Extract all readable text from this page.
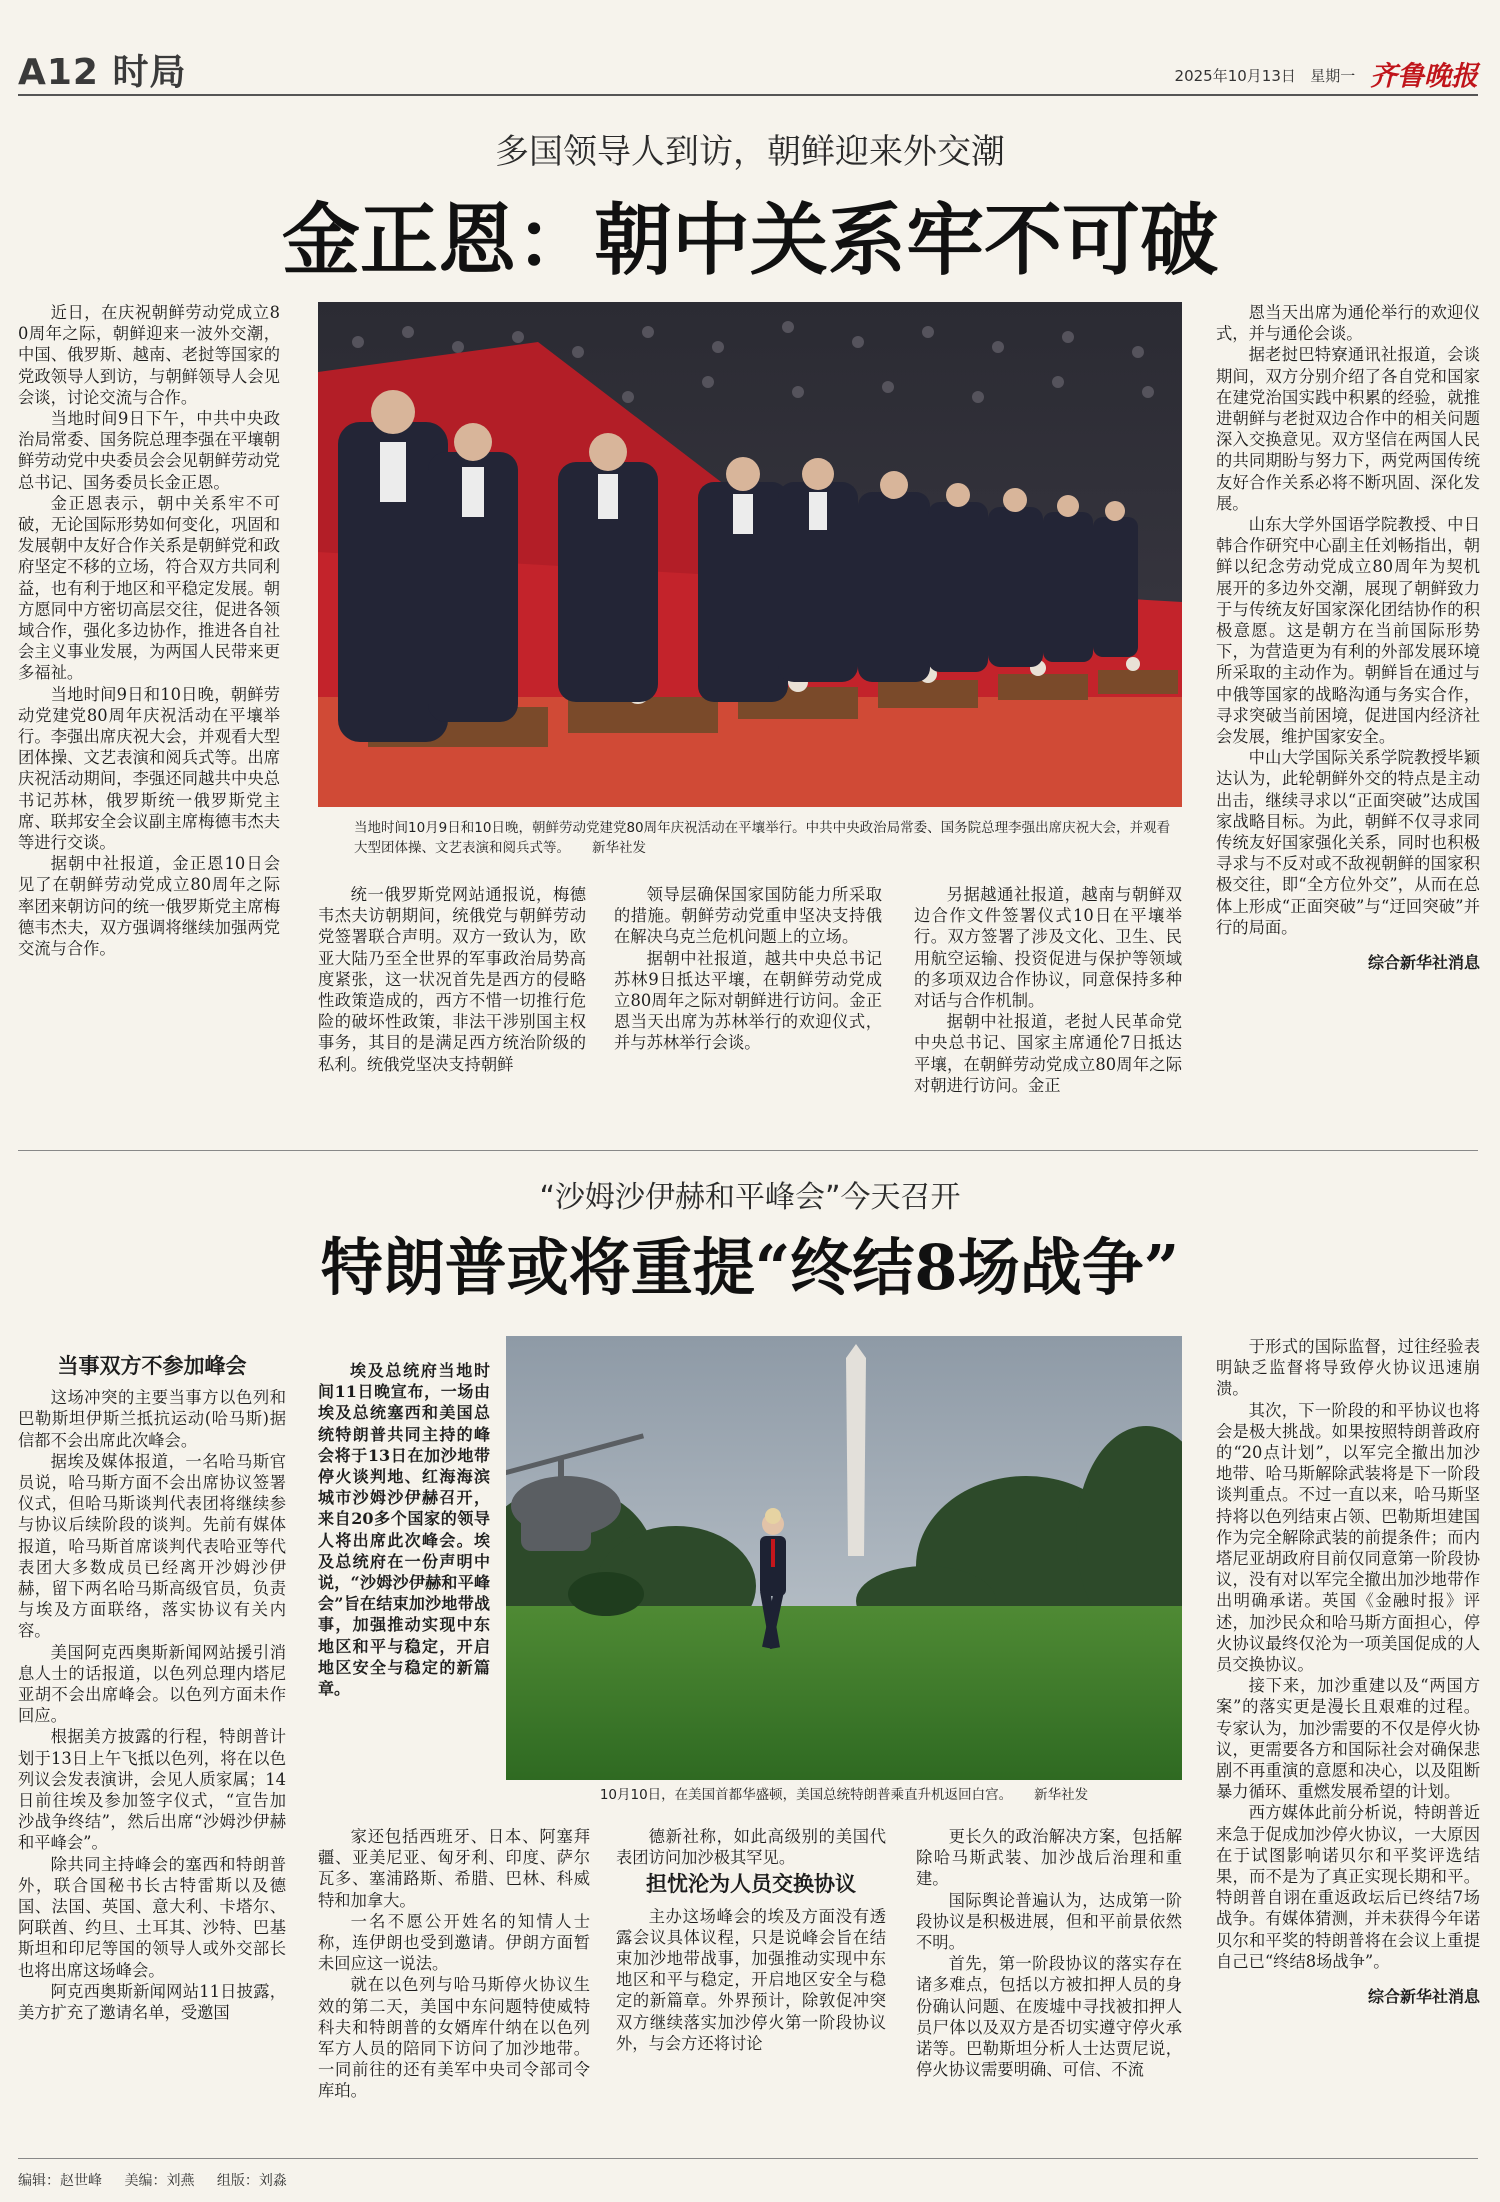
A12 时局	2025年10月13日 星期一 齐鲁晚报
多国领导人到访，朝鲜迎来外交潮
金正恩：朝中关系牢不可破

近日，在庆祝朝鲜劳动党成立80周年之际，朝鲜迎来一波外交潮，中国、俄罗斯、越南、老挝等国家的党政领导人到访，与朝鲜领导人会见会谈，讨论交流与合作。

当地时间9日下午，中共中央政治局常委、国务院总理李强在平壤朝鲜劳动党中央委员会会见朝鲜劳动党总书记、国务委员长金正恩。

金正恩表示，朝中关系牢不可破，无论国际形势如何变化，巩固和发展朝中友好合作关系是朝鲜党和政府坚定不移的立场，符合双方共同利益，也有利于地区和平稳定发展。朝方愿同中方密切高层交往，促进各领域合作，强化多边协作，推进各自社会主义事业发展，为两国人民带来更多福祉。

当地时间9日和10日晚，朝鲜劳动党建党80周年庆祝活动在平壤举行。李强出席庆祝大会，并观看大型团体操、文艺表演和阅兵式等。出席庆祝活动期间，李强还同越共中央总书记苏林，俄罗斯统一俄罗斯党主席、联邦安全会议副主席梅德韦杰夫等进行交谈。

据朝中社报道，金正恩10日会见了在朝鲜劳动党成立80周年之际率团来朝访问的统一俄罗斯党主席梅德韦杰夫，双方强调将继续加强两党交流与合作。

当地时间10月9日和10日晚，朝鲜劳动党建党80周年庆祝活动在平壤举行。中共中央政治局常委、国务院总理李强出席庆祝大会，并观看大型团体操、文艺表演和阅兵式等。 新华社发

统一俄罗斯党网站通报说，梅德韦杰夫访朝期间，统俄党与朝鲜劳动党签署联合声明。双方一致认为，欧亚大陆乃至全世界的军事政治局势高度紧张，这一状况首先是西方的侵略性政策造成的，西方不惜一切推行危险的破坏性政策，非法干涉别国主权事务，其目的是满足西方统治阶级的私利。统俄党坚决支持朝鲜

领导层确保国家国防能力所采取的措施。朝鲜劳动党重申坚决支持俄在解决乌克兰危机问题上的立场。

据朝中社报道，越共中央总书记苏林9日抵达平壤，在朝鲜劳动党成立80周年之际对朝鲜进行访问。金正恩当天出席为苏林举行的欢迎仪式，并与苏林举行会谈。

另据越通社报道，越南与朝鲜双边合作文件签署仪式10日在平壤举行。双方签署了涉及文化、卫生、民用航空运输、投资促进与保护等领域的多项双边合作协议，同意保持多种对话与合作机制。

据朝中社报道，老挝人民革命党中央总书记、国家主席通伦7日抵达平壤，在朝鲜劳动党成立80周年之际对朝进行访问。金正

恩当天出席为通伦举行的欢迎仪式，并与通伦会谈。

据老挝巴特寮通讯社报道，会谈期间，双方分别介绍了各自党和国家在建党治国实践中积累的经验，就推进朝鲜与老挝双边合作中的相关问题深入交换意见。双方坚信在两国人民的共同期盼与努力下，两党两国传统友好合作关系必将不断巩固、深化发展。

山东大学外国语学院教授、中日韩合作研究中心副主任刘畅指出，朝鲜以纪念劳动党成立80周年为契机展开的多边外交潮，展现了朝鲜致力于与传统友好国家深化团结协作的积极意愿。这是朝方在当前国际形势下，为营造更为有利的外部发展环境所采取的主动作为。朝鲜旨在通过与中俄等国家的战略沟通与务实合作，寻求突破当前困境，促进国内经济社会发展，维护国家安全。

中山大学国际关系学院教授毕颖达认为，此轮朝鲜外交的特点是主动出击，继续寻求以“正面突破”达成国家战略目标。为此，朝鲜不仅寻求同传统友好国家强化关系，同时也积极寻求与不反对或不敌视朝鲜的国家积极交往，即“全方位外交”，从而在总体上形成“正面突破”与“迂回突破”并行的局面。

综合新华社消息

“沙姆沙伊赫和平峰会”今天召开
特朗普或将重提“终结8场战争”

当事双方不参加峰会

这场冲突的主要当事方以色列和巴勒斯坦伊斯兰抵抗运动(哈马斯)据信都不会出席此次峰会。

据埃及媒体报道，一名哈马斯官员说，哈马斯方面不会出席协议签署仪式，但哈马斯谈判代表团将继续参与协议后续阶段的谈判。先前有媒体报道，哈马斯首席谈判代表哈亚等代表团大多数成员已经离开沙姆沙伊赫，留下两名哈马斯高级官员，负责与埃及方面联络，落实协议有关内容。

美国阿克西奥斯新闻网站援引消息人士的话报道，以色列总理内塔尼亚胡不会出席峰会。以色列方面未作回应。

根据美方披露的行程，特朗普计划于13日上午飞抵以色列，将在以色列议会发表演讲，会见人质家属；14日前往埃及参加签字仪式，“宣告加沙战争终结”，然后出席“沙姆沙伊赫和平峰会”。

除共同主持峰会的塞西和特朗普外，联合国秘书长古特雷斯以及德国、法国、英国、意大利、卡塔尔、阿联酋、约旦、土耳其、沙特、巴基斯坦和印尼等国的领导人或外交部长也将出席这场峰会。

阿克西奥斯新闻网站11日披露，美方扩充了邀请名单，受邀国

埃及总统府当地时间11日晚宣布，一场由埃及总统塞西和美国总统特朗普共同主持的峰会将于13日在加沙地带停火谈判地、红海海滨城市沙姆沙伊赫召开，来自20多个国家的领导人将出席此次峰会。埃及总统府在一份声明中说，“沙姆沙伊赫和平峰会”旨在结束加沙地带战事，加强推动实现中东地区和平与稳定，开启地区安全与稳定的新篇章。

10月10日，在美国首都华盛顿，美国总统特朗普乘直升机返回白宫。 新华社发

家还包括西班牙、日本、阿塞拜疆、亚美尼亚、匈牙利、印度、萨尔瓦多、塞浦路斯、希腊、巴林、科威特和加拿大。

一名不愿公开姓名的知情人士称，连伊朗也受到邀请。伊朗方面暂未回应这一说法。

就在以色列与哈马斯停火协议生效的第二天，美国中东问题特使威特科夫和特朗普的女婿库什纳在以色列军方人员的陪同下访问了加沙地带。一同前往的还有美军中央司令部司令库珀。

德新社称，如此高级别的美国代表团访问加沙极其罕见。

担忧沦为人员交换协议

主办这场峰会的埃及方面没有透露会议具体议程，只是说峰会旨在结束加沙地带战事，加强推动实现中东地区和平与稳定，开启地区安全与稳定的新篇章。外界预计，除敦促冲突双方继续落实加沙停火第一阶段协议外，与会方还将讨论

更长久的政治解决方案，包括解除哈马斯武装、加沙战后治理和重建。

国际舆论普遍认为，达成第一阶段协议是积极进展，但和平前景依然不明。

首先，第一阶段协议的落实存在诸多难点，包括以方被扣押人员的身份确认问题、在废墟中寻找被扣押人员尸体以及双方是否切实遵守停火承诺等。巴勒斯坦分析人士达贾尼说，停火协议需要明确、可信、不流

于形式的国际监督，过往经验表明缺乏监督将导致停火协议迅速崩溃。

其次，下一阶段的和平协议也将会是极大挑战。如果按照特朗普政府的“20点计划”，以军完全撤出加沙地带、哈马斯解除武装将是下一阶段谈判重点。不过一直以来，哈马斯坚持将以色列结束占领、巴勒斯坦建国作为完全解除武装的前提条件；而内塔尼亚胡政府目前仅同意第一阶段协议，没有对以军完全撤出加沙地带作出明确承诺。英国《金融时报》评述，加沙民众和哈马斯方面担心，停火协议最终仅沦为一项美国促成的人员交换协议。

接下来，加沙重建以及“两国方案”的落实更是漫长且艰难的过程。专家认为，加沙需要的不仅是停火协议，更需要各方和国际社会对确保悲剧不再重演的意愿和决心，以及阻断暴力循环、重燃发展希望的计划。

西方媒体此前分析说，特朗普近来急于促成加沙停火协议，一大原因在于试图影响诺贝尔和平奖评选结果，而不是为了真正实现长期和平。特朗普自诩在重返政坛后已终结7场战争。有媒体猜测，并未获得今年诺贝尔和平奖的特朗普将在会议上重提自己已“终结8场战争”。

综合新华社消息

编辑：赵世峰 美编：刘燕 组版：刘淼
